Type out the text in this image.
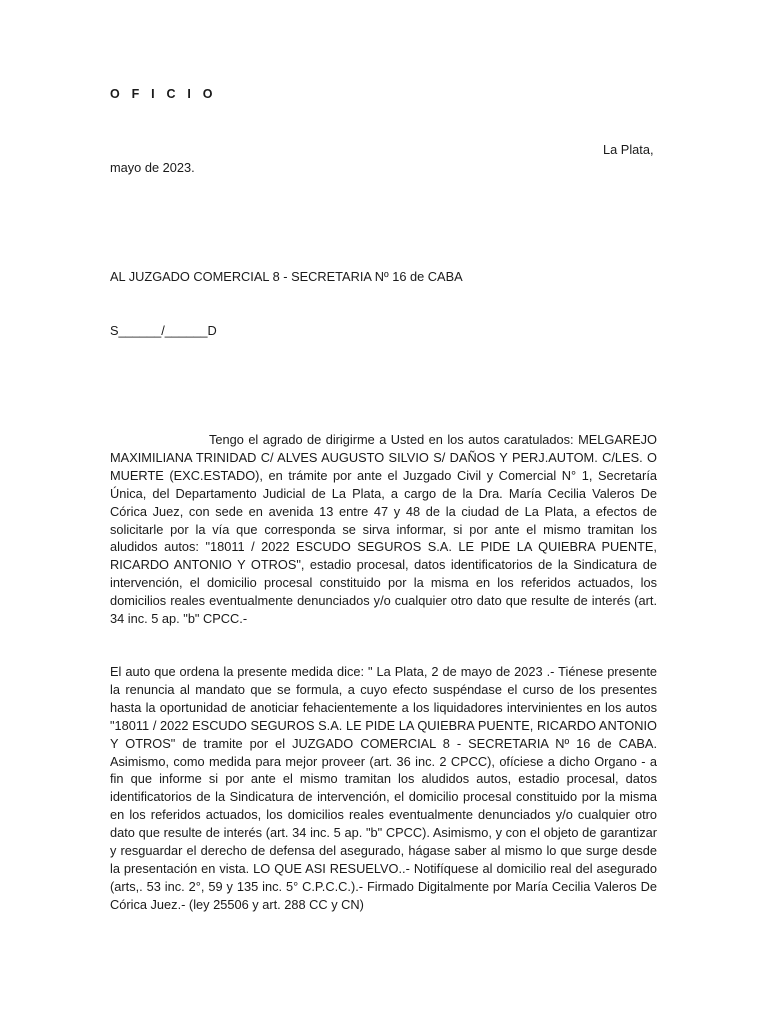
O F I C I O
La Plata,
mayo de 2023.
AL JUZGADO COMERCIAL 8 - SECRETARIA Nº 16 de CABA
S______/______D
Tengo el agrado de dirigirme a Usted en los autos caratulados: MELGAREJO MAXIMILIANA TRINIDAD C/ ALVES AUGUSTO SILVIO S/ DAÑOS Y PERJ.AUTOM. C/LES. O MUERTE (EXC.ESTADO), en trámite por ante el Juzgado Civil y Comercial N° 1, Secretaría Única, del Departamento Judicial de La Plata, a cargo de la Dra. María Cecilia Valeros De Córica Juez, con sede en avenida 13 entre 47 y 48 de la ciudad de La Plata, a efectos de solicitarle por la vía que corresponda se sirva informar, si por ante el mismo tramitan los aludidos autos: "18011 / 2022 ESCUDO SEGUROS S.A. LE PIDE LA QUIEBRA PUENTE, RICARDO ANTONIO Y OTROS", estadio procesal, datos identificatorios de la Sindicatura de intervención, el domicilio procesal constituido por la misma en los referidos actuados, los domicilios reales eventualmente denunciados y/o cualquier otro dato que resulte de interés (art. 34 inc. 5 ap. "b" CPCC.-
El auto que ordena la presente medida dice: " La Plata, 2 de mayo de 2023 .- Tiénese presente la renuncia al mandato que se formula, a cuyo efecto suspéndase el curso de los presentes hasta la oportunidad de anoticiar fehacientemente a los liquidadores intervinientes en los autos "18011 / 2022 ESCUDO SEGUROS S.A. LE PIDE LA QUIEBRA PUENTE, RICARDO ANTONIO Y OTROS" de tramite por el JUZGADO COMERCIAL 8 - SECRETARIA Nº 16 de CABA. Asimismo, como medida para mejor proveer (art. 36 inc. 2 CPCC), ofíciese a dicho Organo - a fin que informe si por ante el mismo tramitan los aludidos autos, estadio procesal, datos identificatorios de la Sindicatura de intervención, el domicilio procesal constituido por la misma en los referidos actuados, los domicilios reales eventualmente denunciados y/o cualquier otro dato que resulte de interés (art. 34 inc. 5 ap. "b" CPCC). Asimismo, y con el objeto de garantizar y resguardar el derecho de defensa del asegurado, hágase saber al mismo lo que surge desde la presentación en vista. LO QUE ASI RESUELVO..- Notifíquese al domicilio real del asegurado (arts,. 53 inc. 2°, 59 y 135 inc. 5° C.P.C.C.).- Firmado Digitalmente por María Cecilia Valeros De Córica Juez.- (ley 25506 y art. 288 CC y CN)
